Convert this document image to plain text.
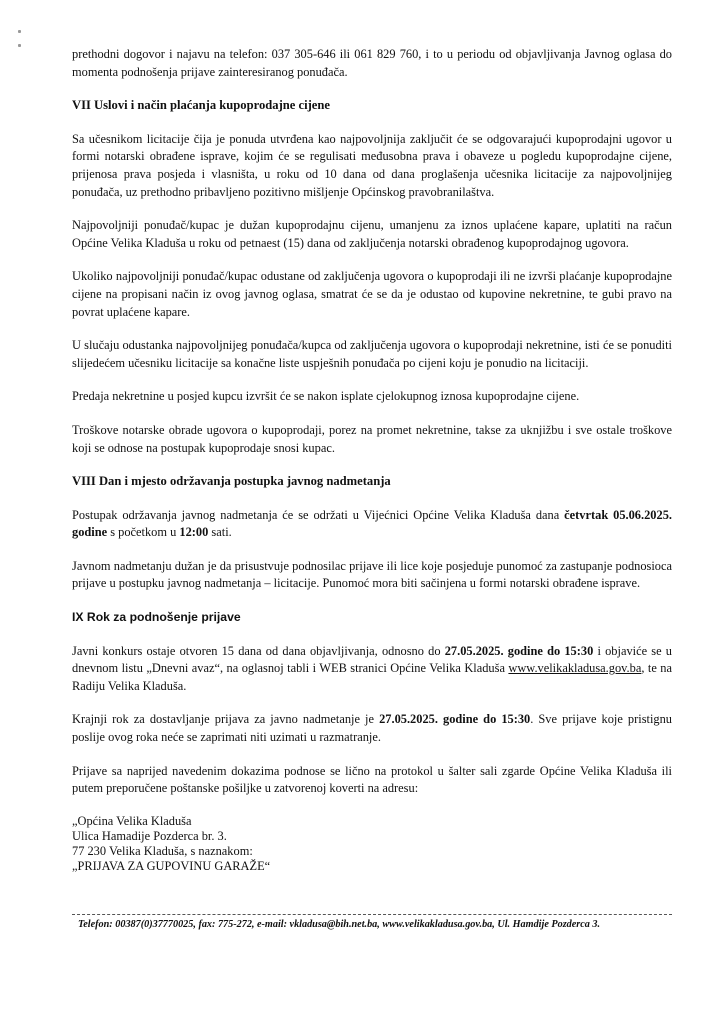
prethodni dogovor i najavu na telefon: 037 305-646 ili 061 829 760, i to u periodu od objavljivanja Javnog oglasa do momenta podnošenja prijave zainteresiranog ponuđača.

VII Uslovi i način plaćanja kupoprodajne cijene

Sa učesnikom licitacije čija je ponuda utvrđena kao najpovoljnija zaključit će se odgovarajući kupoprodajni ugovor u formi notarski obrađene isprave, kojim će se regulisati međusobna prava i obaveze u pogledu kupoprodajne cijene, prijenosa prava posjeda i vlasništa, u roku od 10 dana od dana proglašenja učesnika licitacije za najpovoljnijeg ponuđača, uz prethodno pribavljeno pozitivno mišljenje Općinskog pravobranilaštva.

Najpovoljniji ponuđač/kupac je dužan kupoprodajnu cijenu, umanjenu za iznos uplaćene kapare, uplatiti na račun Općine Velika Kladuša u roku od petnaest (15) dana od zaključenja notarski obrađenog kupoprodajnog ugovora.

Ukoliko najpovoljniji ponuđač/kupac odustane od zaključenja ugovora o kupoprodaji ili ne izvrši plaćanje kupoprodajne cijene na propisani način iz ovog javnog oglasa, smatrat će se da je odustao od kupovine nekretnine, te gubi pravo na povrat uplaćene kapare.

U slučaju odustanka najpovoljnijeg ponuđača/kupca od zaključenja ugovora o kupoprodaji nekretnine, isti će se ponuditi slijedećem učesniku licitacije sa konačne liste uspješnih ponuđača po cijeni koju je ponudio na licitaciji.

Predaja nekretnine u posjed kupcu izvršit će se nakon isplate cjelokupnog iznosa kupoprodajne cijene.

Troškove notarske obrade ugovora o kupoprodaji, porez na promet nekretnine, takse za uknjižbu i sve ostale troškove koji se odnose na postupak kupoprodaje snosi kupac.

VIII Dan i mjesto održavanja postupka javnog nadmetanja

Postupak održavanja javnog nadmetanja će se održati u Vijećnici Općine Velika Kladuša dana četvrtak 05.06.2025. godine s početkom u 12:00 sati.

Javnom nadmetanju dužan je da prisustvuje podnosilac prijave ili lice koje posjeduje punomoć za zastupanje podnosioca prijave u postupku javnog nadmetanja – licitacije. Punomoć mora biti sačinjena u formi notarski obrađene isprave.

IX Rok za podnošenje prijave

Javni konkurs ostaje otvoren 15 dana od dana objavljivanja, odnosno do 27.05.2025. godine do 15:30 i objaviće se u dnevnom listu „Dnevni avaz“, na oglasnoj tabli i WEB stranici Općine Velika Kladuša www.velikakladusa.gov.ba, te na Radiju Velika Kladuša.

Krajnji rok za dostavljanje prijava za javno nadmetanje je 27.05.2025. godine do 15:30. Sve prijave koje pristignu poslije ovog roka neće se zaprimati niti uzimati u razmatranje.

Prijave sa naprijed navedenim dokazima podnose se lično na protokol u šalter sali zgarde Općine Velika Kladuša ili putem preporučene poštanske pošiljke u zatvorenoj koverti na adresu:

„Općina Velika Kladuša

Ulica Hamadije Pozderca br. 3.

77 230 Velika Kladuša, s naznakom:

„PRIJAVA ZA GUPOVINU GARAŽE“

Telefon: 00387(0)37770025, fax: 775-272, e-mail: vkladusa@bih.net.ba, www.velikakladusa.gov.ba, Ul. Hamdije Pozderca 3.
